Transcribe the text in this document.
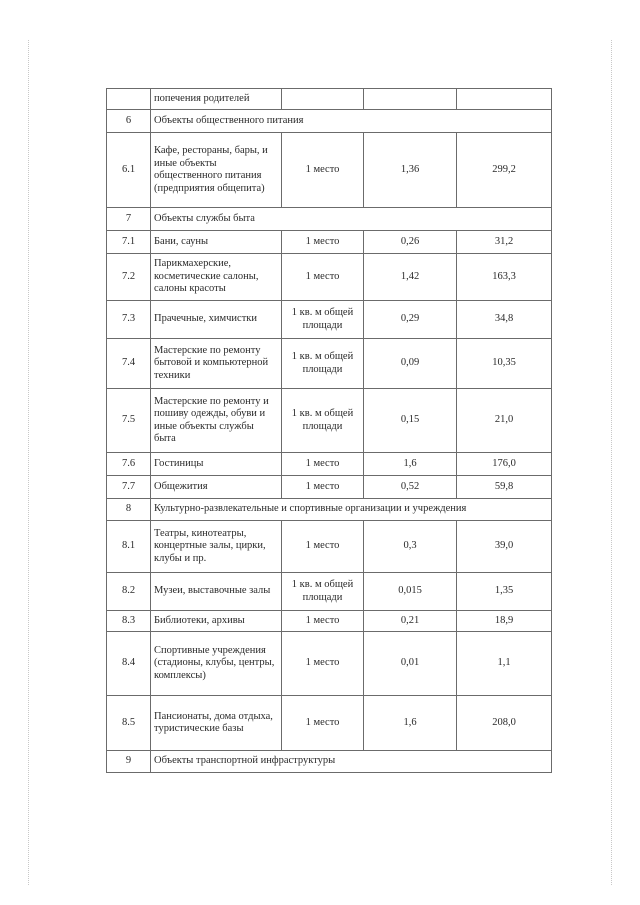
	попечения родителей			
6	Объекты общественного питания			
6.1	Кафе, рестораны, бары, и иные объекты общественного питания (предприятия общепита)	1 место	1,36	299,2
7	Объекты службы быта			
7.1	Бани, сауны	1 место	0,26	31,2
7.2	Парикмахерские, косметические салоны, салоны красоты	1 место	1,42	163,3
7.3	Прачечные, химчистки	1 кв. м общей площади	0,29	34,8
7.4	Мастерские по ремонту бытовой и компьютерной техники	1 кв. м общей площади	0,09	10,35
7.5	Мастерские по ремонту и пошиву одежды, обуви и иные объекты службы быта	1 кв. м общей площади	0,15	21,0
7.6	Гостиницы	1 место	1,6	176,0
7.7	Общежития	1 место	0,52	59,8
8	Культурно-развлекательные и спортивные организации и учреждения			
8.1	Театры, кинотеатры, концертные залы, цирки, клубы и пр.	1 место	0,3	39,0
8.2	Музеи, выставочные залы	1 кв. м общей площади	0,015	1,35
8.3	Библиотеки, архивы	1 место	0,21	18,9
8.4	Спортивные учреждения (стадионы, клубы, центры, комплексы)	1 место	0,01	1,1
8.5	Пансионаты, дома отдыха, туристические базы	1 место	1,6	208,0
9	Объекты транспортной инфраструктуры			
